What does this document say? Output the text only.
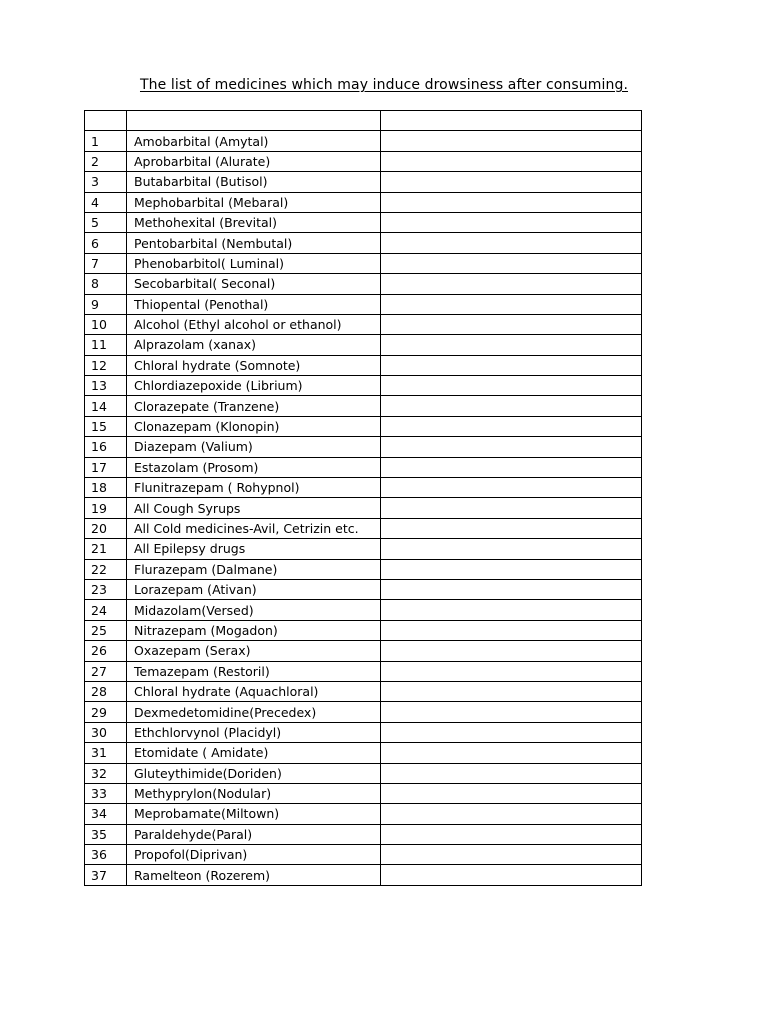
The list of medicines which may induce drowsiness after consuming.

1	Amobarbital (Amytal)	
2	Aprobarbital (Alurate)	
3	Butabarbital (Butisol)	
4	Mephobarbital (Mebaral)	
5	Methohexital (Brevital)	
6	Pentobarbital (Nembutal)	
7	Phenobarbitol( Luminal)	
8	Secobarbital( Seconal)	
9	Thiopental (Penothal)	
10	Alcohol (Ethyl alcohol or ethanol)	
11	Alprazolam (xanax)	
12	Chloral hydrate (Somnote)	
13	Chlordiazepoxide (Librium)	
14	Clorazepate (Tranzene)	
15	Clonazepam (Klonopin)	
16	Diazepam (Valium)	
17	Estazolam (Prosom)	
18	Flunitrazepam ( Rohypnol)	
19	All Cough Syrups	
20	All Cold medicines-Avil, Cetrizin etc.	
21	All Epilepsy drugs	
22	Flurazepam (Dalmane)	
23	Lorazepam (Ativan)	
24	Midazolam(Versed)	
25	Nitrazepam (Mogadon)	
26	Oxazepam (Serax)	
27	Temazepam (Restoril)	
28	Chloral hydrate (Aquachloral)	
29	Dexmedetomidine(Precedex)	
30	Ethchlorvynol (Placidyl)	
31	Etomidate ( Amidate)	
32	Gluteythimide(Doriden)	
33	Methyprylon(Nodular)	
34	Meprobamate(Miltown)	
35	Paraldehyde(Paral)	
36	Propofol(Diprivan)	
37	Ramelteon (Rozerem)	
